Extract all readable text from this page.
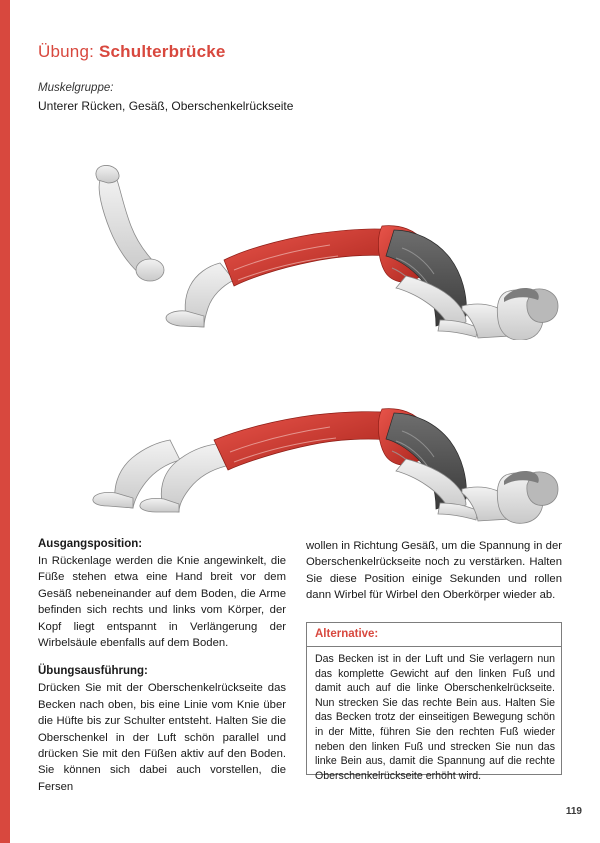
Übung: Schulterbrücke
Muskelgruppe:
Unterer Rücken, Gesäß, Oberschenkelrückseite
Ausgangsposition:

In Rückenlage werden die Knie angewinkelt, die Füße stehen etwa eine Hand breit vor dem Gesäß nebeneinander auf dem Boden, die Arme befinden sich rechts und links vom Körper, der Kopf liegt entspannt in Verlängerung der Wirbelsäule ebenfalls auf dem Boden.

Übungsausführung:

Drücken Sie mit der Oberschenkelrückseite das Becken nach oben, bis eine Linie vom Knie über die Hüfte bis zur Schulter entsteht. Halten Sie die Oberschenkel in der Luft schön parallel und drücken Sie mit den Füßen aktiv auf den Boden. Sie können sich dabei auch vorstellen, die Fersen

wollen in Richtung Gesäß, um die Spannung in der Oberschenkelrückseite noch zu verstärken. Halten Sie diese Position einige Sekunden und rollen dann Wirbel für Wirbel den Oberkörper wieder ab.

Alternative:
Das Becken ist in der Luft und Sie verlagern nun das komplette Gewicht auf den linken Fuß und damit auch auf die linke Oberschenkelrückseite. Nun strecken Sie das rechte Bein aus. Halten Sie das Becken trotz der einseitigen Bewegung schön in der Mitte, führen Sie den rechten Fuß wieder neben den linken Fuß und strecken Sie nun das linke Bein aus, damit die Spannung auf die rechte Oberschenkelrückseite erhöht wird.
119
